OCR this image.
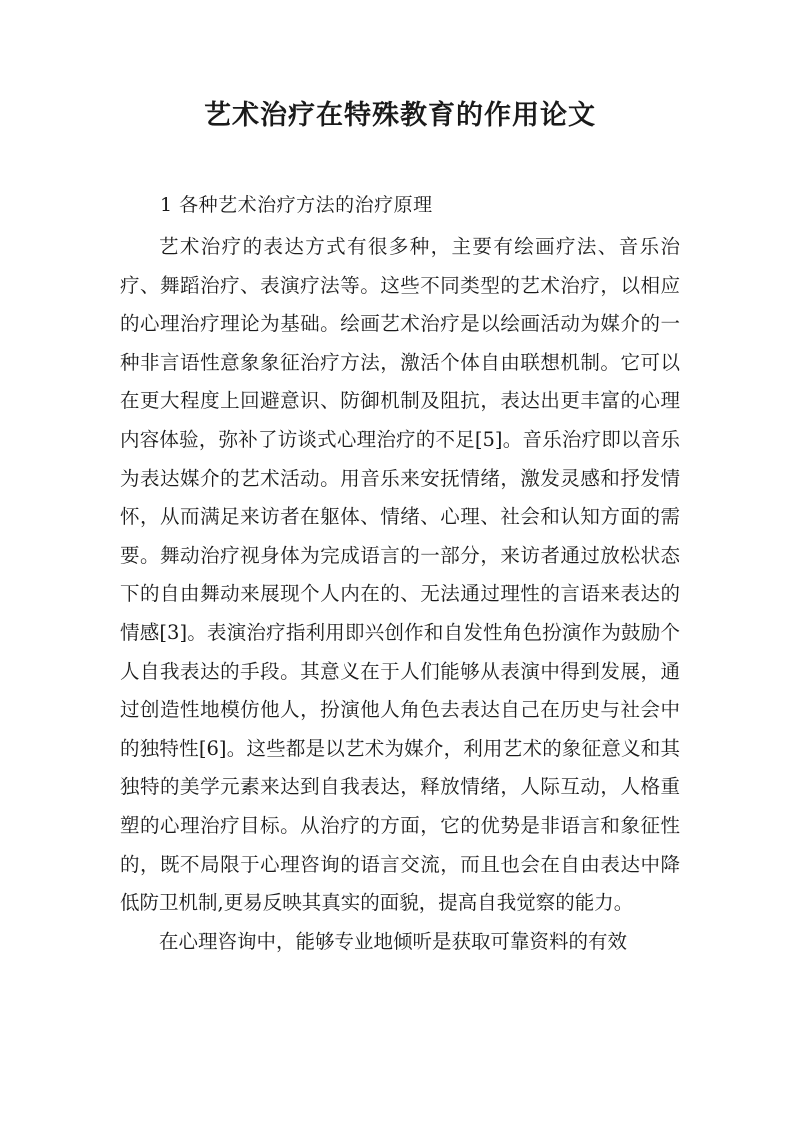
艺术治疗在特殊教育的作用论文

1 各种艺术治疗方法的治疗原理

艺术治疗的表达方式有很多种，主要有绘画疗法、音乐治疗、舞蹈治疗、表演疗法等。这些不同类型的艺术治疗，以相应的心理治疗理论为基础。绘画艺术治疗是以绘画活动为媒介的一种非言语性意象象征治疗方法，激活个体自由联想机制。它可以在更大程度上回避意识、防御机制及阻抗，表达出更丰富的心理内容体验，弥补了访谈式心理治疗的不足[5]。音乐治疗即以音乐为表达媒介的艺术活动。用音乐来安抚情绪，激发灵感和抒发情怀，从而满足来访者在躯体、情绪、心理、社会和认知方面的需要。舞动治疗视身体为完成语言的一部分，来访者通过放松状态下的自由舞动来展现个人内在的、无法通过理性的言语来表达的情感[3]。表演治疗指利用即兴创作和自发性角色扮演作为鼓励个人自我表达的手段。其意义在于人们能够从表演中得到发展，通过创造性地模仿他人，扮演他人角色去表达自己在历史与社会中的独特性[6]。这些都是以艺术为媒介，利用艺术的象征意义和其独特的美学元素来达到自我表达，释放情绪，人际互动，人格重塑的心理治疗目标。从治疗的方面，它的优势是非语言和象征性的，既不局限于心理咨询的语言交流，而且也会在自由表达中降低防卫机制,更易反映其真实的面貌，提高自我觉察的能力。

在心理咨询中，能够专业地倾听是获取可靠资料的有效
